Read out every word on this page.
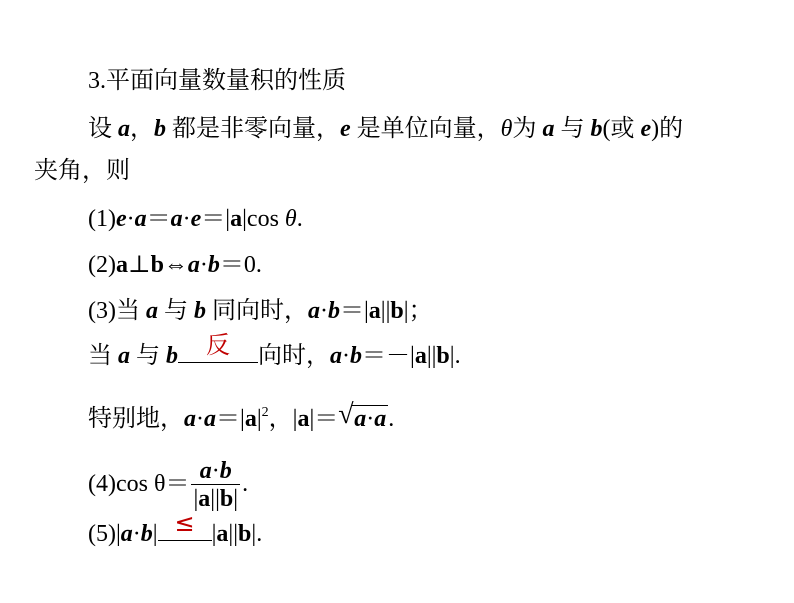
3.平面向量数量积的性质
设 a，b 都是非零向量，e 是单位向量，θ为 a 与 b(或 e)的
夹角，则
(1)e·a＝a·e＝|a|cos θ.
(2)a⊥b⇔a·b＝0.
(3)当 a 与 b 同向时，a·b＝|a||b|；
当 a 与 b	反	向时，a·b＝－|a||b|.
特别地，$a\cdot a=|a|^2$，|a|＝ √ a·a.
(4)cos $\theta= \frac{a\cdot b}{|a||b|}$ .
(5)|a·b| ≤ |a||b|.
